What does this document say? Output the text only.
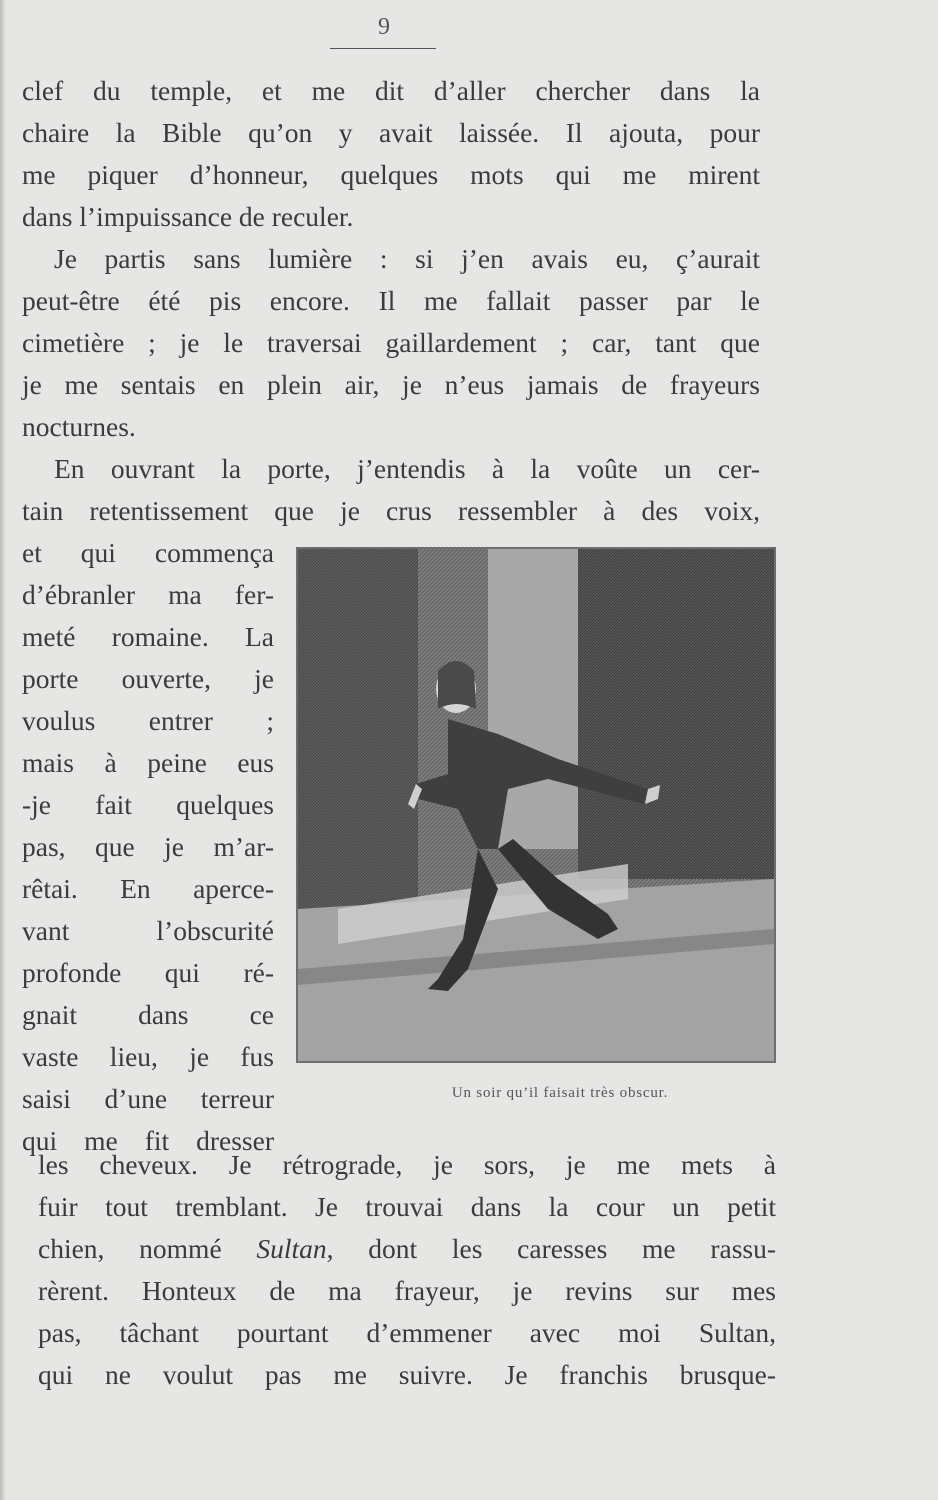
9

clef du temple, et me dit d’aller chercher dans la

chaire la Bible qu’on y avait laissée. Il ajouta, pour

me piquer d’honneur, quelques mots qui me mirent

dans l’impuissance de reculer.

Je partis sans lumière : si j’en avais eu, ç’aurait

peut-être été pis encore. Il me fallait passer par le

cimetière ; je le traversai gaillardement ; car, tant que

je me sentais en plein air, je n’eus jamais de frayeurs

nocturnes.

En ouvrant la porte, j’entendis à la voûte un cer-

tain retentissement que je crus ressembler à des voix,

et qui commença

d’ébranler ma fer-

meté romaine. La

porte ouverte, je

voulus entrer ;

mais à peine eus

-je fait quelques

pas, que je m’ar-

rêtai. En aperce-

vant l’obscurité

profonde qui ré-

gnait dans ce

vaste lieu, je fus

saisi d’une terreur

qui me fit dresser

Un soir qu’il faisait très obscur.

les cheveux. Je rétrograde, je sors, je me mets à

fuir tout tremblant. Je trouvai dans la cour un petit

chien, nommé Sultan, dont les caresses me rassu-

rèrent. Honteux de ma frayeur, je revins sur mes

pas, tâchant pourtant d’emmener avec moi Sultan,

qui ne voulut pas me suivre. Je franchis brusque-
